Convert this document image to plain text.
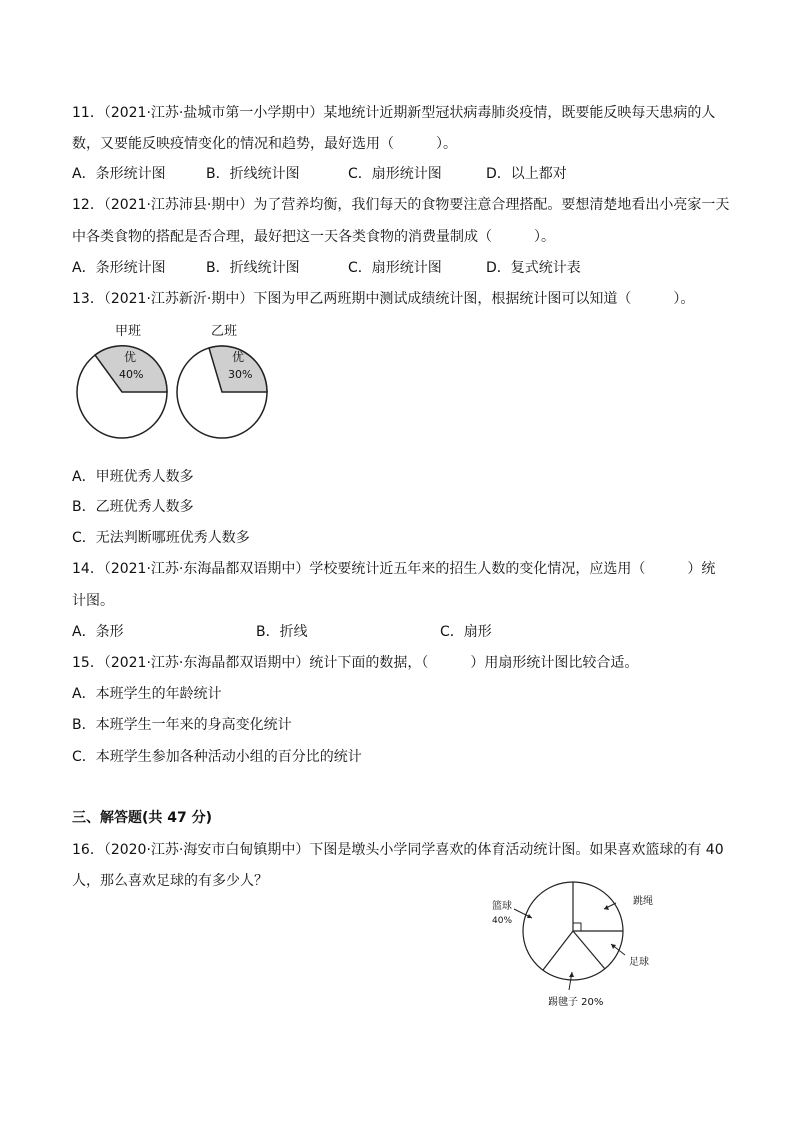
11．（2021·江苏·盐城市第一小学期中）某地统计近期新型冠状病毒肺炎疫情，既要能反映每天患病的人
数，又要能反映疫情变化的情况和趋势，最好选用（　　　）。
A．条形统计图	B．折线统计图	C．扇形统计图	D．以上都对
12．（2021·江苏沛县·期中）为了营养均衡，我们每天的食物要注意合理搭配。要想清楚地看出小亮家一天
中各类食物的搭配是否合理，最好把这一天各类食物的消费量制成（　　　）。
A．条形统计图	B．折线统计图	C．扇形统计图	D．复式统计表
13．（2021·江苏新沂·期中）下图为甲乙两班期中测试成绩统计图，根据统计图可以知道（　　　）。
甲班
优
40%
乙班
优
30%
A．甲班优秀人数多
B．乙班优秀人数多
C．无法判断哪班优秀人数多
14．（2021·江苏·东海晶都双语期中）学校要统计近五年来的招生人数的变化情况，应选用（　　　）统
计图。
A．条形	B．折线	C．扇形
15．（2021·江苏·东海晶都双语期中）统计下面的数据，（　　　）用扇形统计图比较合适。
A．本班学生的年龄统计
B．本班学生一年来的身高变化统计
C．本班学生参加各种活动小组的百分比的统计
三、解答题(共 47 分)
16．（2020·江苏·海安市白甸镇期中）下图是墩头小学同学喜欢的体育活动统计图。如果喜欢篮球的有 40
人，那么喜欢足球的有多少人？
篮球
40%
跳绳
足球
踢毽子 20%
